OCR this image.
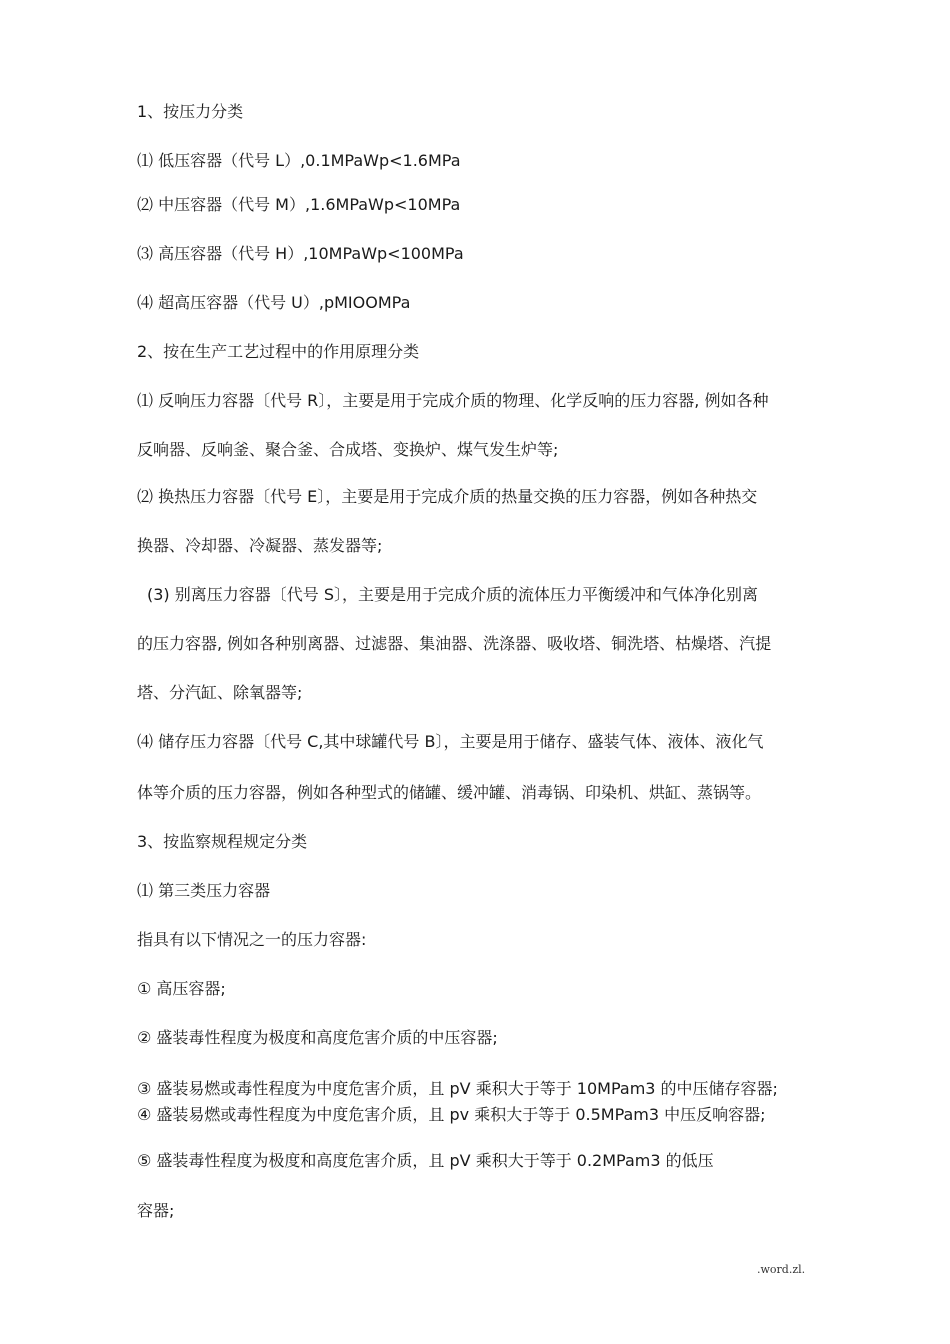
1、按压力分类
⑴ 低压容器（代号 L）,0.1MPaWp<1.6MPa
⑵ 中压容器（代号 M）,1.6MPaWp<10MPa
⑶ 高压容器（代号 H）,10MPaWp<100MPa
⑷ 超高压容器（代号 U）,pMIOOMPa
2、按在生产工艺过程中的作用原理分类
⑴ 反响压力容器〔代号 R〕，主要是用于完成介质的物理、化学反响的压力容器, 例如各种
反响器、反响釜、聚合釜、合成塔、变换炉、煤气发生炉等;
⑵ 换热压力容器〔代号 E〕，主要是用于完成介质的热量交换的压力容器，例如各种热交
换器、冷却器、冷凝器、蒸发器等;
(3) 别离压力容器〔代号 S〕，主要是用于完成介质的流体压力平衡缓冲和气体净化别离
的压力容器, 例如各种别离器、过滤器、集油器、洗涤器、吸收塔、铜洗塔、枯燥塔、汽提
塔、分汽缸、除氧器等;
⑷ 储存压力容器〔代号 C,其中球罐代号 B〕，主要是用于储存、盛装气体、液体、液化气
体等介质的压力容器，例如各种型式的储罐、缓冲罐、消毒锅、印染机、烘缸、蒸锅等。
3、按监察规程规定分类
⑴ 第三类压力容器
指具有以下情况之一的压力容器:
① 高压容器;
② 盛装毒性程度为极度和高度危害介质的中压容器;
③ 盛装易燃或毒性程度为中度危害介质，且 pV 乘积大于等于 10MPam3 的中压储存容器;
④ 盛装易燃或毒性程度为中度危害介质，且 pv 乘积大于等于 0.5MPam3 中压反响容器;
⑤ 盛装毒性程度为极度和高度危害介质，且 pV 乘积大于等于 0.2MPam3 的低压
容器;
.word.zl.
